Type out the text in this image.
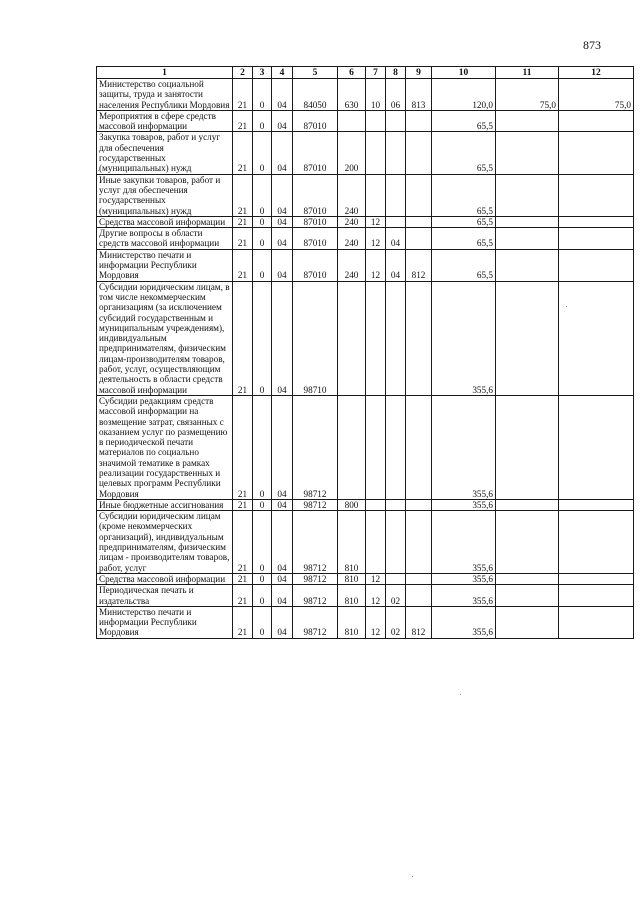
873
1	2	3	4	5	6	7	8	9	10	11	12
Министерство социальной защиты, труда и занятости населения Республики Мордовия	21	0	04	84050	630	10	06	813	120,0	75,0	75,0
Мероприятия в сфере средств массовой информации	21	0	04	87010					65,5		
Закупка товаров, работ и услуг для обеспечения государственных (муниципальных) нужд	21	0	04	87010	200				65,5		
Иные закупки товаров, работ и услуг для обеспечения государственных (муниципальных) нужд	21	0	04	87010	240				65,5		
Средства массовой информации	21	0	04	87010	240	12			65,5		
Другие вопросы в области средств массовой информации	21	0	04	87010	240	12	04		65,5		
Министерство печати и информации Республики Мордовия	21	0	04	87010	240	12	04	812	65,5		
Субсидии юридическим лицам, в том числе некоммерческим организациям (за исключением субсидий государственным и муниципальным учреждениям), индивидуальным предпринимателям, физическим лицам-производителям товаров, работ, услуг, осуществляющим деятельность в области средств массовой информации	21	0	04	98710					355,6		
Субсидии редакциям средств массовой информации на возмещение затрат, связанных с оказанием услуг по размещению в периодической печати материалов по социально значимой тематике в рамках реализации государственных и целевых программ Республики Мордовия	21	0	04	98712					355,6		
Иные бюджетные ассигнования	21	0	04	98712	800				355,6		
Субсидии юридическим лицам (кроме некоммерческих организаций), индивидуальным предпринимателям, физическим лицам - производителям товаров, работ, услуг	21	0	04	98712	810				355,6		
Средства массовой информации	21	0	04	98712	810	12			355,6		
Периодическая печать и издательства	21	0	04	98712	810	12	02		355,6		
Министерство печати и информации Республики Мордовия	21	0	04	98712	810	12	02	812	355,6		
